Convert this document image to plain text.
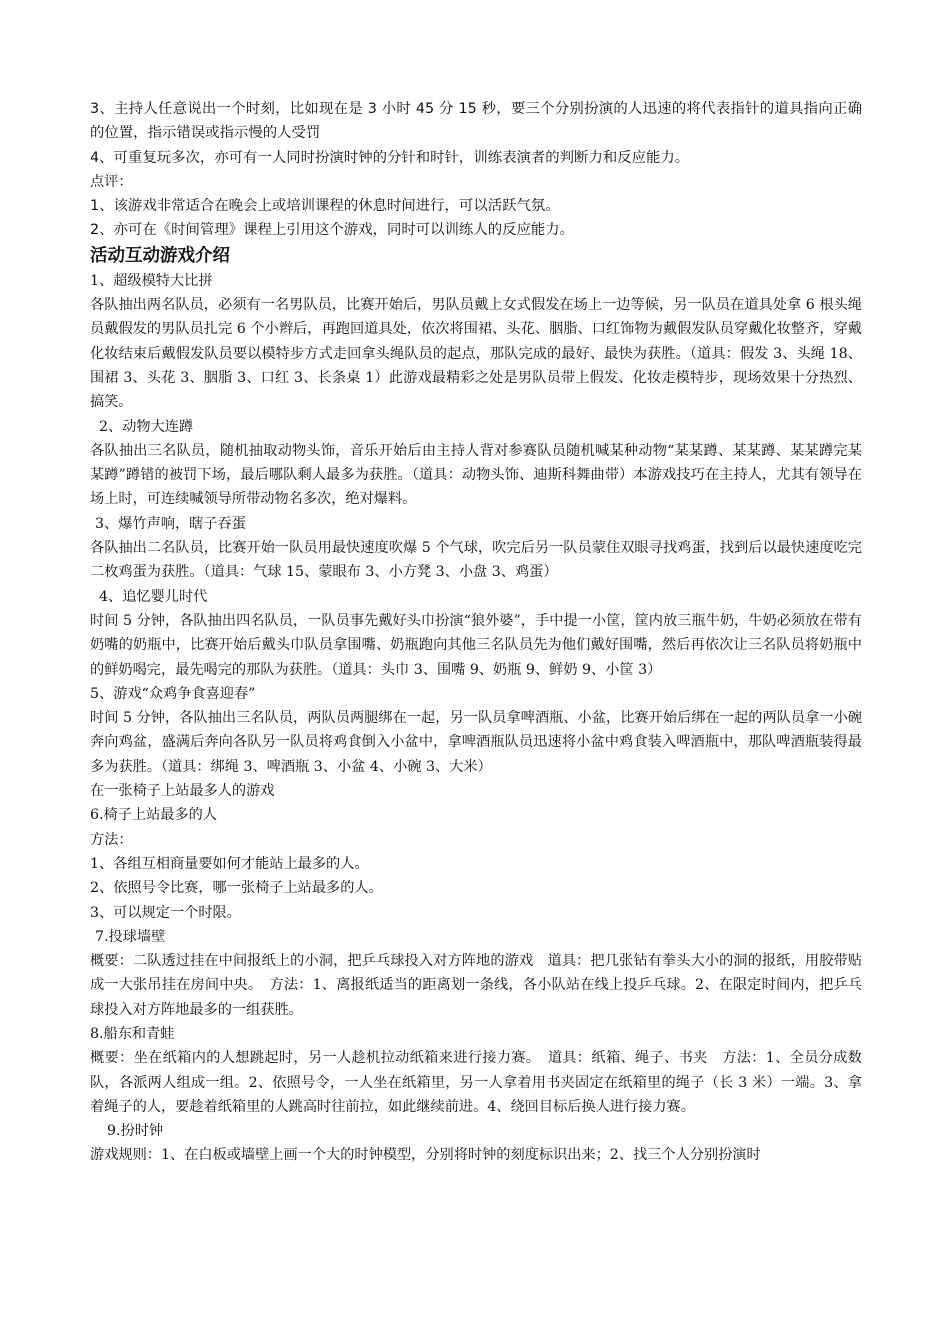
3、主持人任意说出一个时刻，比如现在是 3 小时 45 分 15 秒，要三个分别扮演的人迅速的将代表指针的道具指向正确的位置，指示错误或指示慢的人受罚

4、可重复玩多次，亦可有一人同时扮演时钟的分针和时针，训练表演者的判断力和反应能力。

点评：

1、该游戏非常适合在晚会上或培训课程的休息时间进行，可以活跃气氛。

2、亦可在《时间管理》课程上引用这个游戏，同时可以训练人的反应能力。

活动互动游戏介绍

1、超级模特大比拼

各队抽出两名队员，必须有一名男队员，比赛开始后，男队员戴上女式假发在场上一边等候，另一队员在道具处拿 6 根头绳员戴假发的男队员扎完 6 个小辫后，再跑回道具处，依次将围裙、头花、胭脂、口红饰物为戴假发队员穿戴化妆整齐，穿戴化妆结束后戴假发队员要以模特步方式走回拿头绳队员的起点，那队完成的最好、最快为获胜。（道具：假发 3、头绳 18、围裙 3、头花 3、胭脂 3、口红 3、长条桌 1）此游戏最精彩之处是男队员带上假发、化妆走模特步，现场效果十分热烈、搞笑。

2、动物大连蹲

各队抽出三名队员，随机抽取动物头饰，音乐开始后由主持人背对参赛队员随机喊某种动物“某某蹲、某某蹲、某某蹲完某某蹲”蹲错的被罚下场，最后哪队剩人最多为获胜。（道具：动物头饰、迪斯科舞曲带）本游戏技巧在主持人，尤其有领导在场上时，可连续喊领导所带动物名多次，绝对爆料。

3、爆竹声响，瞎子吞蛋

各队抽出二名队员，比赛开始一队员用最快速度吹爆 5 个气球，吹完后另一队员蒙住双眼寻找鸡蛋，找到后以最快速度吃完二枚鸡蛋为获胜。（道具：气球 15、蒙眼布 3、小方凳 3、小盘 3、鸡蛋）

4、追忆婴儿时代

时间 5 分钟，各队抽出四名队员，一队员事先戴好头巾扮演“狼外婆”，手中提一小筐，筐内放三瓶牛奶，牛奶必须放在带有奶嘴的奶瓶中，比赛开始后戴头巾队员拿围嘴、奶瓶跑向其他三名队员先为他们戴好围嘴，然后再依次让三名队员将奶瓶中的鲜奶喝完，最先喝完的那队为获胜。（道具：头巾 3、围嘴 9、奶瓶 9、鲜奶 9、小筐 3）

5、游戏“众鸡争食喜迎春”

时间 5 分钟，各队抽出三名队员，两队员两腿绑在一起，另一队员拿啤酒瓶、小盆，比赛开始后绑在一起的两队员拿一小碗奔向鸡盆，盛满后奔向各队另一队员将鸡食倒入小盆中，拿啤酒瓶队员迅速将小盆中鸡食装入啤酒瓶中，那队啤酒瓶装得最多为获胜。（道具：绑绳 3、啤酒瓶 3、小盆 4、小碗 3、大米）

在一张椅子上站最多人的游戏

6.椅子上站最多的人

方法：

1、各组互相商量要如何才能站上最多的人。

2、依照号令比赛，哪一张椅子上站最多的人。

3、可以规定一个时限。

7.投球墙壁

概要：二队透过挂在中间报纸上的小洞，把乒乓球投入对方阵地的游戏　道具：把几张钻有拳头大小的洞的报纸，用胶带贴成一大张吊挂在房间中央。　方法：1、离报纸适当的距离划一条线，各小队站在线上投乒乓球。2、在限定时间内，把乒乓球投入对方阵地最多的一组获胜。

8.船东和青蛙

概要：坐在纸箱内的人想跳起时，另一人趁机拉动纸箱来进行接力赛。　道具：纸箱、绳子、书夹　方法：1、全员分成数队，各派两人组成一组。2、依照号令，一人坐在纸箱里，另一人拿着用书夹固定在纸箱里的绳子（长 3 米）一端。3、拿着绳子的人，要趁着纸箱里的人跳高时往前拉，如此继续前进。4、绕回目标后换人进行接力赛。

9.扮时钟

游戏规则：1、在白板或墙壁上画一个大的时钟模型，分别将时钟的刻度标识出来；2、找三个人分别扮演时
